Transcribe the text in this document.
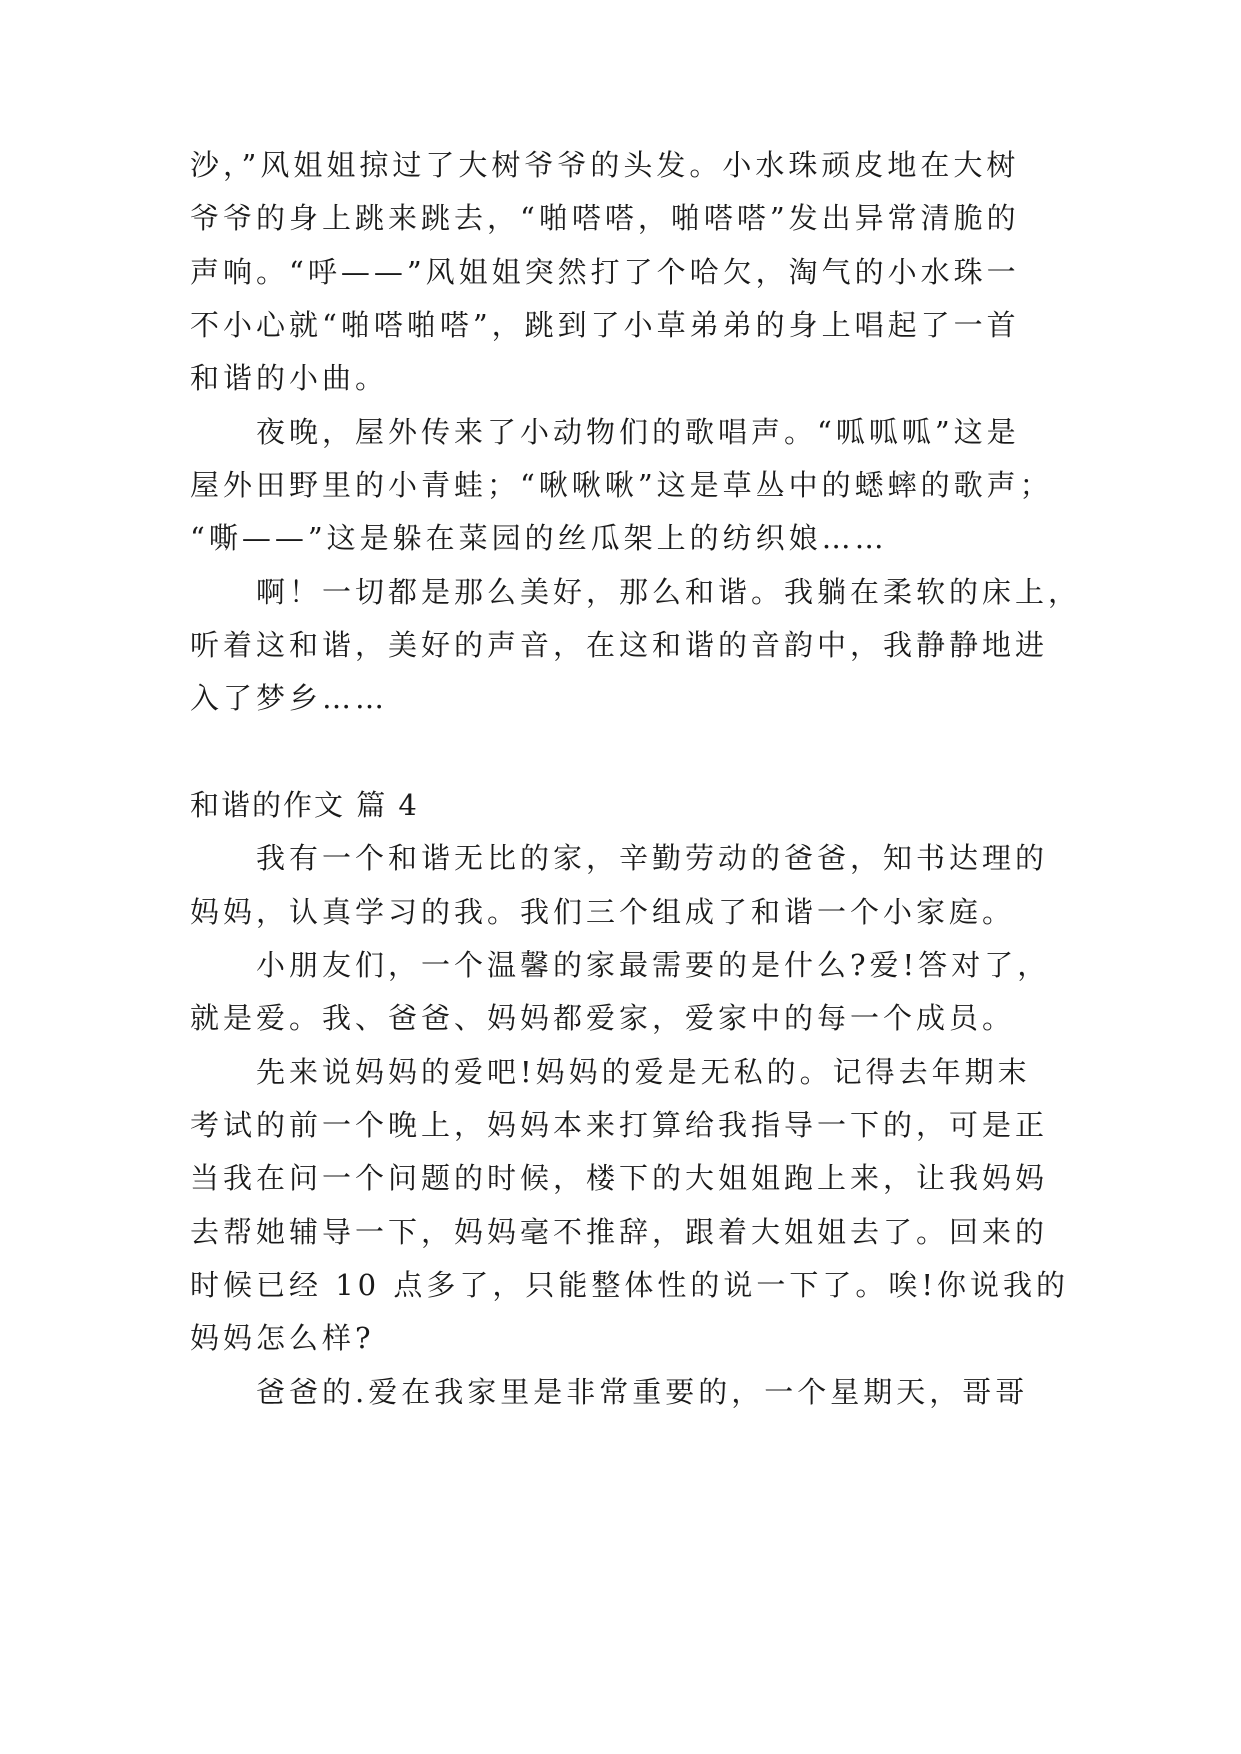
沙，”风姐姐掠过了大树爷爷的头发。小水珠顽皮地在大树
爷爷的身上跳来跳去，“啪嗒嗒，啪嗒嗒”发出异常清脆的
声响。“呼——”风姐姐突然打了个哈欠，淘气的小水珠一
不小心就“啪嗒啪嗒”，跳到了小草弟弟的身上唱起了一首
和谐的小曲。
夜晚，屋外传来了小动物们的歌唱声。“呱呱呱”这是
屋外田野里的小青蛙；“啾啾啾”这是草丛中的蟋蟀的歌声；
“嘶——”这是躲在菜园的丝瓜架上的纺织娘……
啊！一切都是那么美好，那么和谐。我躺在柔软的床上，
听着这和谐，美好的声音，在这和谐的音韵中，我静静地进
入了梦乡……
和谐的作文 篇 4
我有一个和谐无比的家，辛勤劳动的爸爸，知书达理的
妈妈，认真学习的我。我们三个组成了和谐一个小家庭。
小朋友们，一个温馨的家最需要的是什么?爱!答对了，
就是爱。我、爸爸、妈妈都爱家，爱家中的每一个成员。
先来说妈妈的爱吧!妈妈的爱是无私的。记得去年期末
考试的前一个晚上，妈妈本来打算给我指导一下的，可是正
当我在问一个问题的时候，楼下的大姐姐跑上来，让我妈妈
去帮她辅导一下，妈妈毫不推辞，跟着大姐姐去了。回来的
时候已经 10 点多了，只能整体性的说一下了。唉!你说我的
妈妈怎么样?
爸爸的.爱在我家里是非常重要的，一个星期天，哥哥
